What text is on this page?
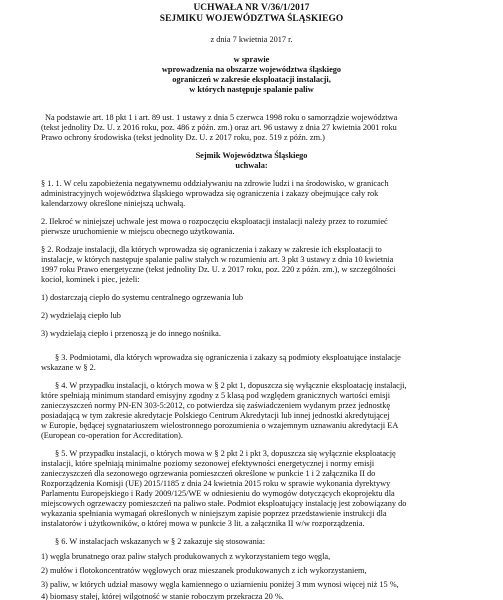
UCHWAŁA NR V/36/1/2017
SEJMIKU WOJEWÓDZTWA ŚLĄSKIEGO
z dnia 7 kwietnia 2017 r.
w sprawie
wprowadzenia na obszarze województwa śląskiego
ograniczeń w zakresie eksploatacji instalacji,
w których następuje spalanie paliw
Na podstawie art. 18 pkt 1 i art. 89 ust. 1 ustawy z dnia 5 czerwca 1998 roku o samorządzie województwa
(tekst jednolity Dz. U. z 2016 roku, poz. 486 z późn. zm.) oraz art. 96 ustawy z dnia 27 kwietnia 2001 roku
Prawo ochrony środowiska (tekst jednolity Dz. U. z 2017 roku, poz. 519 z późn. zm.)
Sejmik Województwa Śląskiego
uchwala:
§ 1. 1. W celu zapobieżenia negatywnemu oddziaływaniu na zdrowie ludzi i na środowisko, w granicach
administracyjnych województwa śląskiego wprowadza się ograniczenia i zakazy obejmujące cały rok
kalendarzowy określone niniejszą uchwałą.
2. Ilekroć w niniejszej uchwale jest mowa o rozpoczęciu eksploatacji instalacji należy przez to rozumieć
pierwsze uruchomienie w miejscu obecnego użytkowania.
§ 2. Rodzaje instalacji, dla których wprowadza się ograniczenia i zakazy w zakresie ich eksploatacji to
instalacje, w których następuje spalanie paliw stałych w rozumieniu art. 3 pkt 3 ustawy z dnia 10 kwietnia
1997 roku Prawo energetyczne (tekst jednolity Dz. U. z 2017 roku, poz. 220 z późn. zm.), w szczególności
kocioł, kominek i piec, jeżeli:
1) dostarczają ciepło do systemu centralnego ogrzewania lub
2) wydzielają ciepło lub
3) wydzielają ciepło i przenoszą je do innego nośnika.
§ 3. Podmiotami, dla których wprowadza się ograniczenia i zakazy są podmioty eksploatujące instalacje
wskazane w § 2.
§ 4. W przypadku instalacji, o których mowa w § 2 pkt 1, dopuszcza się wyłącznie eksploatację instalacji,
które spełniają minimum standard emisyjny zgodny z 5 klasą pod względem granicznych wartości emisji
zanieczyszczeń normy PN-EN 303-5:2012, co potwierdza się zaświadczeniem wydanym przez jednostkę
posiadającą w tym zakresie akredytacje Polskiego Centrum Akredytacji lub innej jednostki akredytującej
w Europie, będącej sygnatariuszem wielostronnego porozumienia o wzajemnym uznawaniu akredytacji EA
(European co-operation for Accreditation).
§ 5. W przypadku instalacji, o których mowa w § 2 pkt 2 i pkt 3, dopuszcza się wyłącznie eksploatację
instalacji, które spełniają minimalne poziomy sezonowej efektywności energetycznej i normy emisji
zanieczyszczeń dla sezonowego ogrzewania pomieszczeń określone w punkcie 1 i 2 załącznika II do
Rozporządzenia Komisji (UE) 2015/1185 z dnia 24 kwietnia 2015 roku w sprawie wykonania dyrektywy
Parlamentu Europejskiego i Rady 2009/125/WE w odniesieniu do wymogów dotyczących ekoprojektu dla
miejscowych ogrzewaczy pomieszczeń na paliwo stałe. Podmiot eksploatujący instalację jest zobowiązany do
wykazania spełniania wymagań określonych w niniejszym zapisie poprzez przedstawienie instrukcji dla
instalatorów i użytkowników, o której mowa w punkcie 3 lit. a załącznika II w/w rozporządzenia.
§ 6. W instalacjach wskazanych w § 2 zakazuje się stosowania:
1) węgla brunatnego oraz paliw stałych produkowanych z wykorzystaniem tego węgla,
2) mułów i flotokoncentratów węglowych oraz mieszanek produkowanych z ich wykorzystaniem,
3) paliw, w których udział masowy węgla kamiennego o uziarnieniu poniżej 3 mm wynosi więcej niż 15 %,
4) biomasy stałej, której wilgotność w stanie roboczym przekracza 20 %.
